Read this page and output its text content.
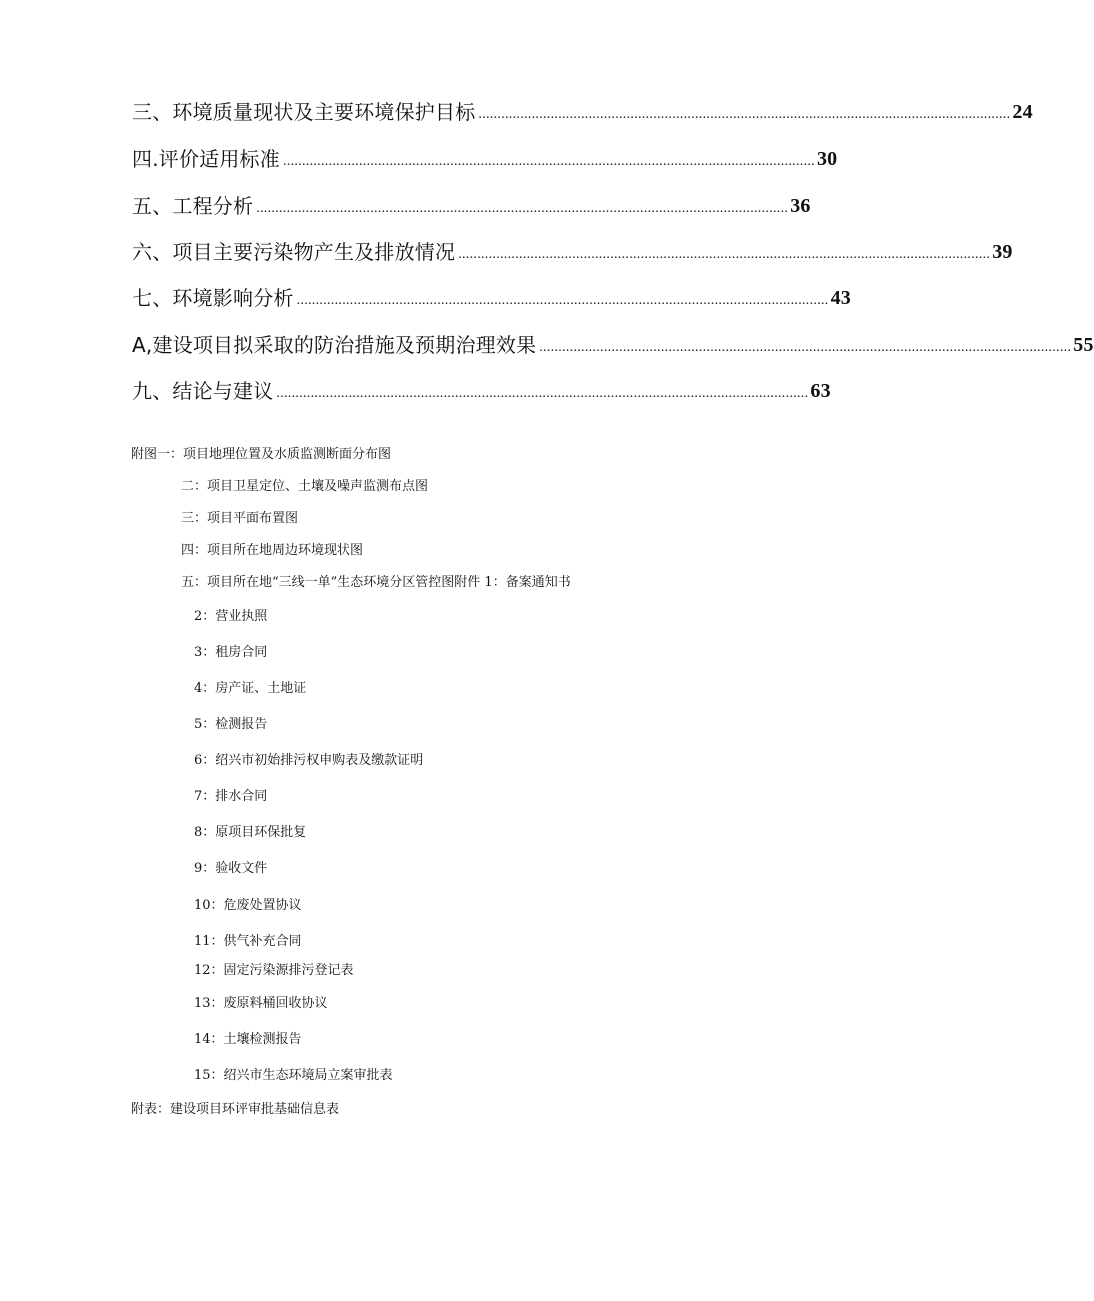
三、环境质量现状及主要环境保护目标 ............................................................................................................................................ 24
四.评价适用标准 ............................................................................................................................................ 30
五、工程分析 ............................................................................................................................................ 36
六、项目主要污染物产生及排放情况 ............................................................................................................................................ 39
七、环境影响分析 ............................................................................................................................................ 43
A,建设项目拟采取的防治措施及预期治理效果 ............................................................................................................................................ 55
九、结论与建议 ............................................................................................................................................ 63
附图一：项目地理位置及水质监测断面分布图
二：项目卫星定位、土壤及噪声监测布点图
三：项目平面布置图
四：项目所在地周边环境现状图
五：项目所在地“三线一单”生态环境分区管控图附件 1：备案通知书
2：营业执照
3：租房合同
4：房产证、土地证
5：检测报告
6：绍兴市初始排污权申购表及缴款证明
7：排水合同
8：原项目环保批复
9：验收文件
10：危废处置协议
11：供气补充合同
12：固定污染源排污登记表
13：废原料桶回收协议
14：土壤检测报告
15：绍兴市生态环境局立案审批表
附表：建设项目环评审批基础信息表
